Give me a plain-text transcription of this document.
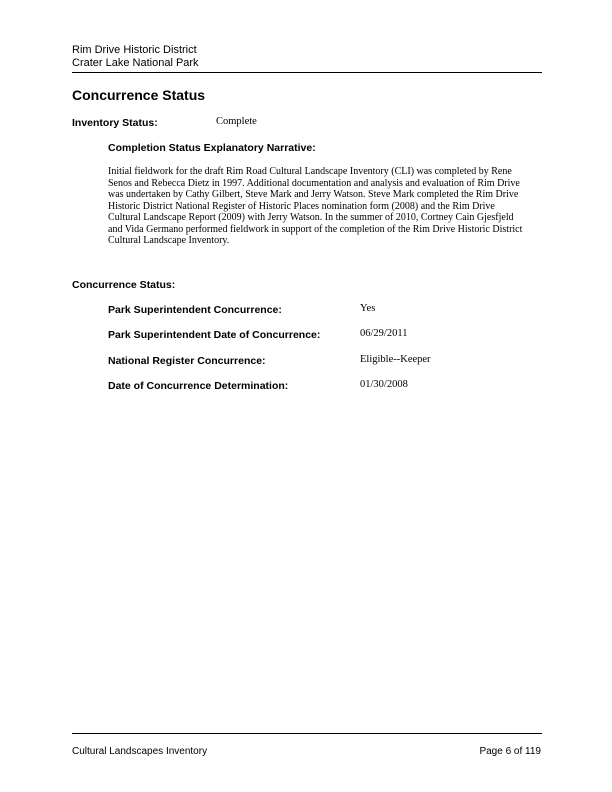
Rim Drive Historic District
Crater Lake National Park
Concurrence Status
Inventory Status:	Complete
Completion Status Explanatory Narrative:
Initial fieldwork for the draft Rim Road Cultural Landscape Inventory (CLI) was completed by Rene Senos and Rebecca Dietz in 1997. Additional documentation and analysis and evaluation of Rim Drive was undertaken by Cathy Gilbert, Steve Mark and Jerry Watson. Steve Mark completed the Rim Drive Historic District National Register of Historic Places nomination form (2008) and the Rim Drive Cultural Landscape Report (2009) with Jerry Watson. In the summer of 2010, Cortney Cain Gjesfjeld and Vida Germano performed fieldwork in support of the completion of the Rim Drive Historic District Cultural Landscape Inventory.
Concurrence Status:
Park Superintendent Concurrence:	Yes
Park Superintendent Date of Concurrence:	06/29/2011
National Register Concurrence:	Eligible--Keeper
Date of Concurrence Determination:	01/30/2008
Cultural Landscapes Inventory	Page 6 of 119
